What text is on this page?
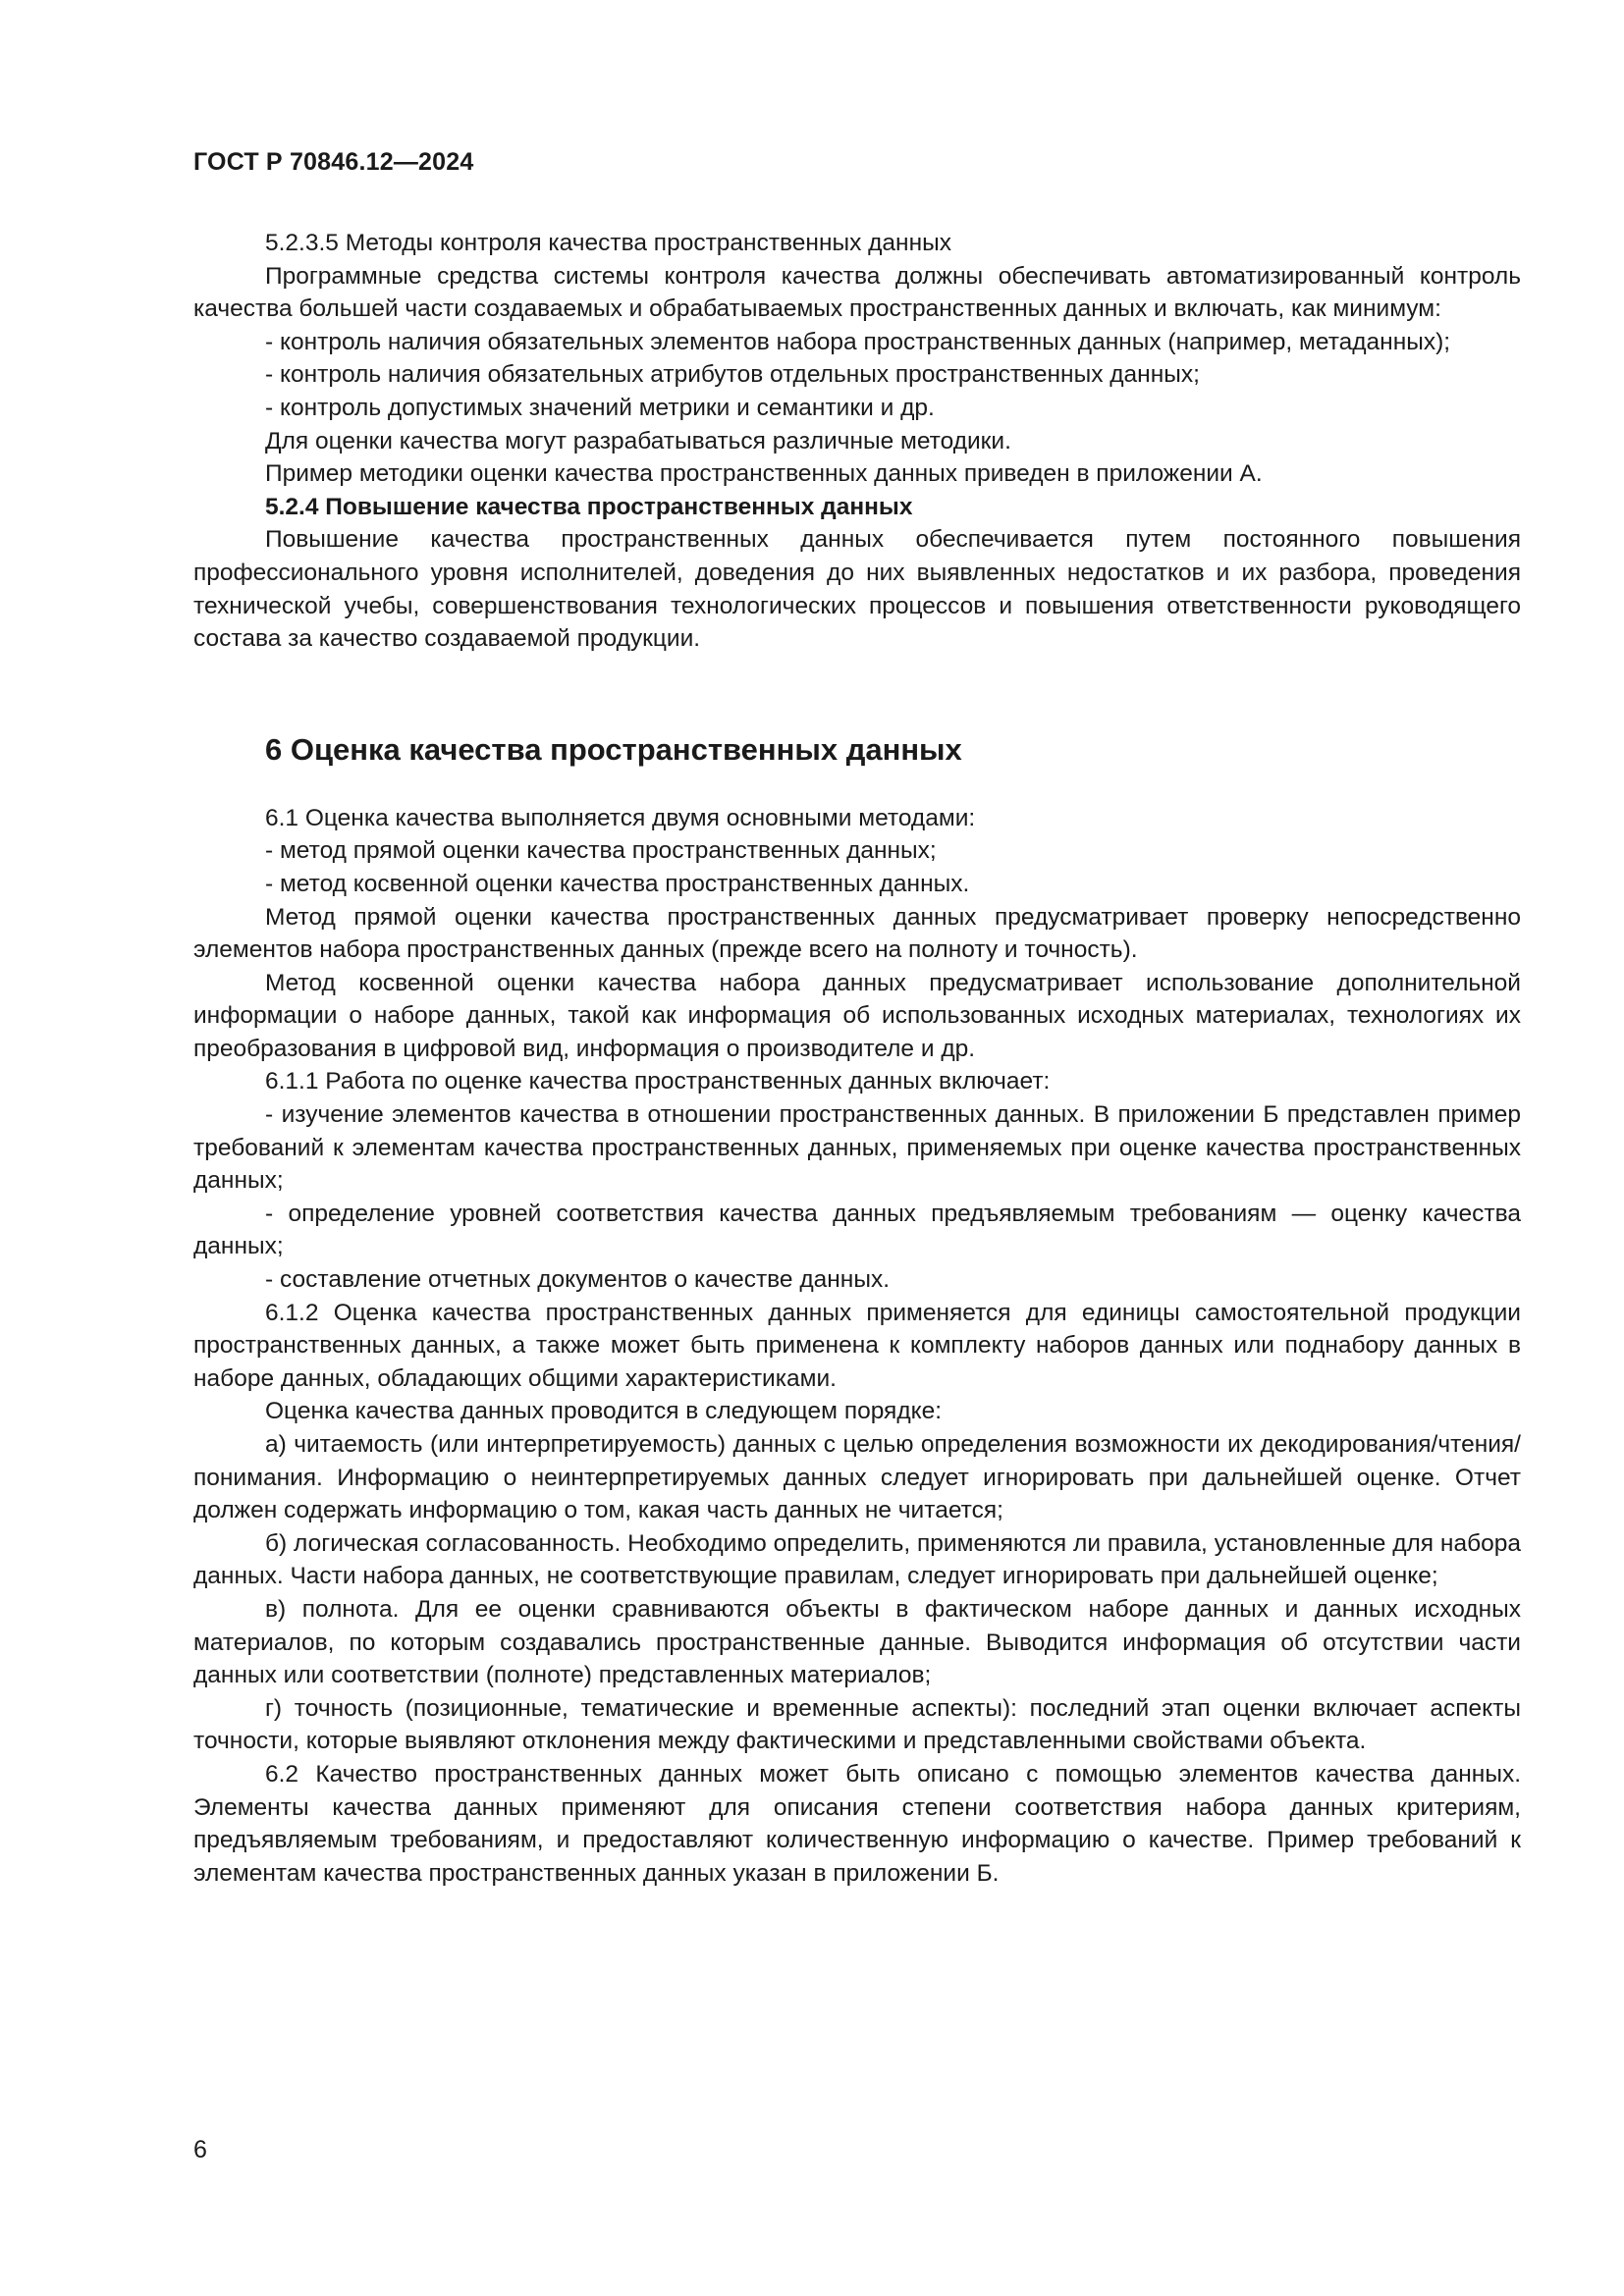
ГОСТ Р 70846.12—2024

5.2.3.5 Методы контроля качества пространственных данных

Программные средства системы контроля качества должны обеспечивать автоматизированный контроль качества большей части создаваемых и обрабатываемых пространственных данных и включать, как минимум:

- контроль наличия обязательных элементов набора пространственных данных (например, метаданных);

- контроль наличия обязательных атрибутов отдельных пространственных данных;

- контроль допустимых значений метрики и семантики и др.

Для оценки качества могут разрабатываться различные методики.

Пример методики оценки качества пространственных данных приведен в приложении А.

5.2.4 Повышение качества пространственных данных

Повышение качества пространственных данных обеспечивается путем постоянного повышения профессионального уровня исполнителей, доведения до них выявленных недостатков и их разбора, проведения технической учебы, совершенствования технологических процессов и повышения ответственности руководящего состава за качество создаваемой продукции.

6 Оценка качества пространственных данных

6.1 Оценка качества выполняется двумя основными методами:

- метод прямой оценки качества пространственных данных;

- метод косвенной оценки качества пространственных данных.

Метод прямой оценки качества пространственных данных предусматривает проверку непосредственно элементов набора пространственных данных (прежде всего на полноту и точность).

Метод косвенной оценки качества набора данных предусматривает использование дополнительной информации о наборе данных, такой как информация об использованных исходных материалах, технологиях их преобразования в цифровой вид, информация о производителе и др.

6.1.1 Работа по оценке качества пространственных данных включает:

- изучение элементов качества в отношении пространственных данных. В приложении Б представлен пример требований к элементам качества пространственных данных, применяемых при оценке качества пространственных данных;

- определение уровней соответствия качества данных предъявляемым требованиям — оценку качества данных;

- составление отчетных документов о качестве данных.

6.1.2 Оценка качества пространственных данных применяется для единицы самостоятельной продукции пространственных данных, а также может быть применена к комплекту наборов данных или поднабору данных в наборе данных, обладающих общими характеристиками.

Оценка качества данных проводится в следующем порядке:

а) читаемость (или интерпретируемость) данных с целью определения возможности их декодирования/чтения/понимания. Информацию о неинтерпретируемых данных следует игнорировать при дальнейшей оценке. Отчет должен содержать информацию о том, какая часть данных не читается;

б) логическая согласованность. Необходимо определить, применяются ли правила, установленные для набора данных. Части набора данных, не соответствующие правилам, следует игнорировать при дальнейшей оценке;

в) полнота. Для ее оценки сравниваются объекты в фактическом наборе данных и данных исходных материалов, по которым создавались пространственные данные. Выводится информация об отсутствии части данных или соответствии (полноте) представленных материалов;

г) точность (позиционные, тематические и временные аспекты): последний этап оценки включает аспекты точности, которые выявляют отклонения между фактическими и представленными свойствами объекта.

6.2 Качество пространственных данных может быть описано с помощью элементов качества данных. Элементы качества данных применяют для описания степени соответствия набора данных критериям, предъявляемым требованиям, и предоставляют количественную информацию о качестве. Пример требований к элементам качества пространственных данных указан в приложении Б.

6
